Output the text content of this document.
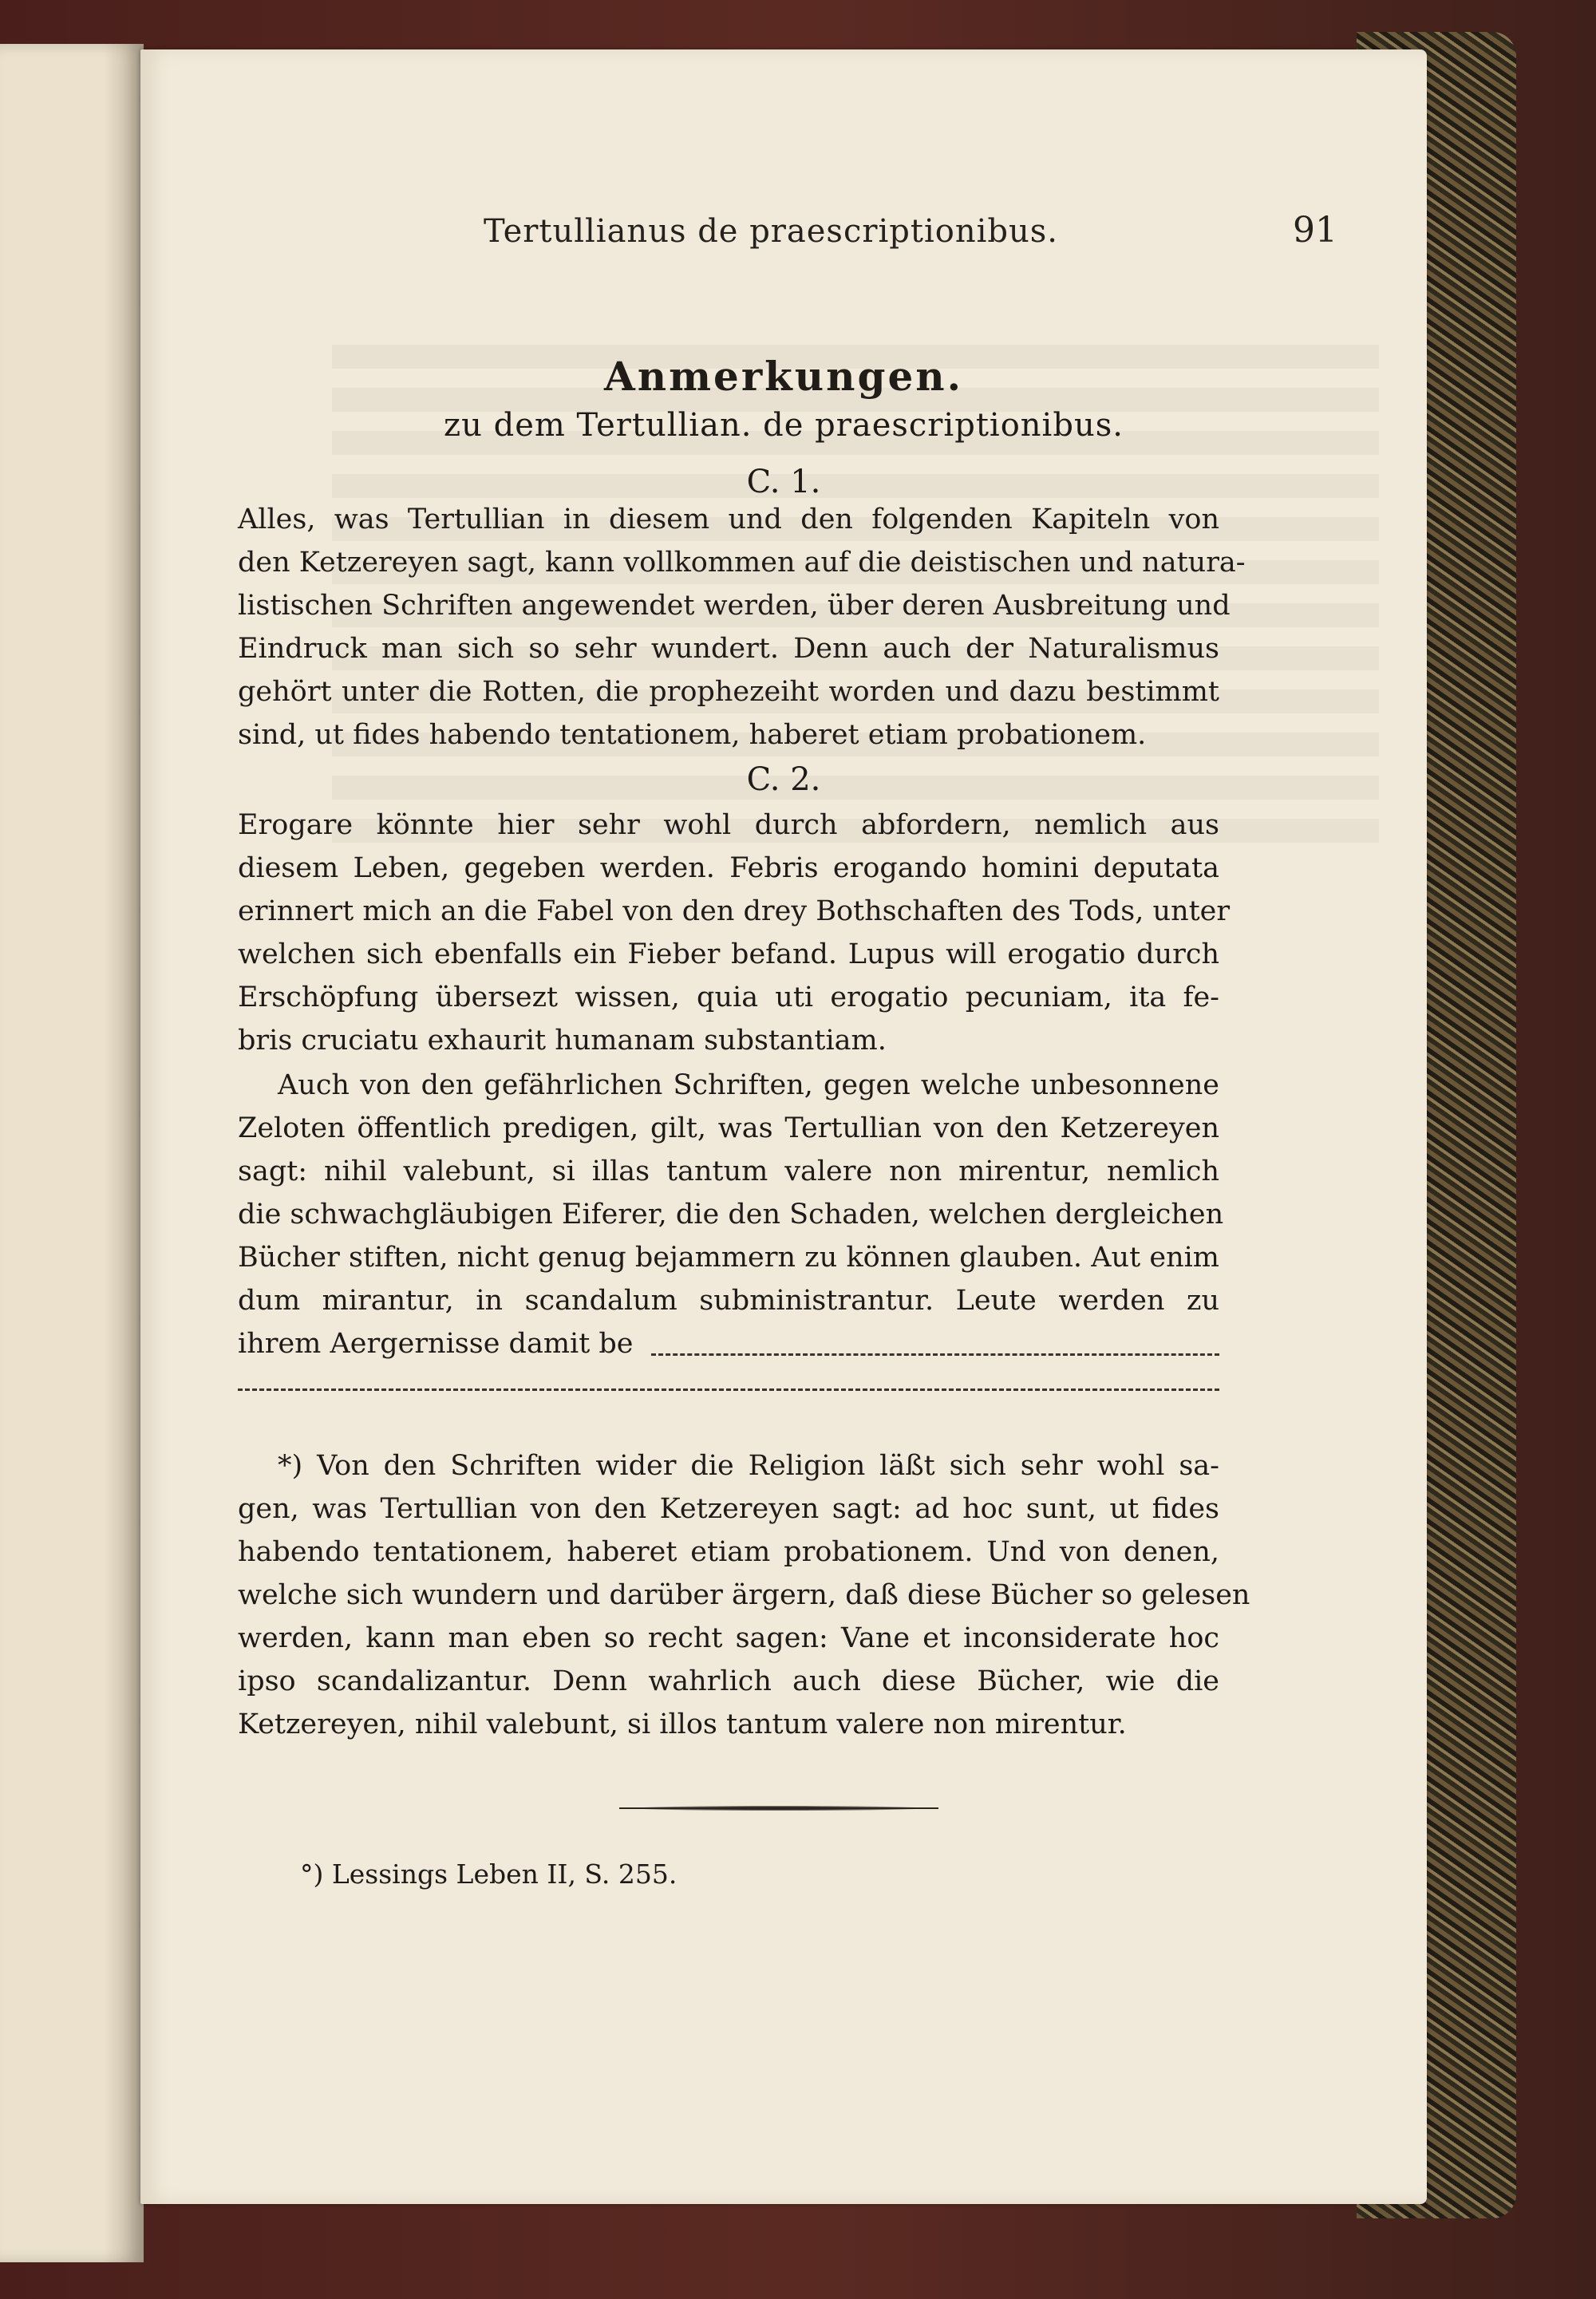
Tertullianus de praescriptionibus.	91
Anmerkungen.
zu dem Tertullian. de praescriptionibus.
C. 1.
Alles, was Tertullian in diesem und den folgenden Kapiteln von
den Ketzereyen sagt, kann vollkommen auf die deistischen und natura-
listischen Schriften angewendet werden, über deren Ausbreitung und
Eindruck man sich so sehr wundert. Denn auch der Naturalismus
gehört unter die Rotten, die prophezeiht worden und dazu bestimmt
sind, ut fides habendo tentationem, haberet etiam probationem.
C. 2.
Erogare könnte hier sehr wohl durch abfordern, nemlich aus
diesem Leben, gegeben werden. Febris erogando homini deputata
erinnert mich an die Fabel von den drey Bothschaften des Tods, unter
welchen sich ebenfalls ein Fieber befand. Lupus will erogatio durch
Erschöpfung übersezt wissen, quia uti erogatio pecuniam, ita fe-
bris cruciatu exhaurit humanam substantiam.
Auch von den gefährlichen Schriften, gegen welche unbesonnene
Zeloten öffentlich predigen, gilt, was Tertullian von den Ketzereyen
sagt: nihil valebunt, si illas tantum valere non mirentur, nemlich
die schwachgläubigen Eiferer, die den Schaden, welchen dergleichen
Bücher stiften, nicht genug bejammern zu können glauben. Aut enim
dum mirantur, in scandalum subministrantur. Leute werden zu
ihrem Aergernisse damit be
*) Von den Schriften wider die Religion läßt sich sehr wohl sa-
gen, was Tertullian von den Ketzereyen sagt: ad hoc sunt, ut fides
habendo tentationem, haberet etiam probationem. Und von denen,
welche sich wundern und darüber ärgern, daß diese Bücher so gelesen
werden, kann man eben so recht sagen: Vane et inconsiderate hoc
ipso scandalizantur. Denn wahrlich auch diese Bücher, wie die
Ketzereyen, nihil valebunt, si illos tantum valere non mirentur.
°) Lessings Leben II, S. 255.
